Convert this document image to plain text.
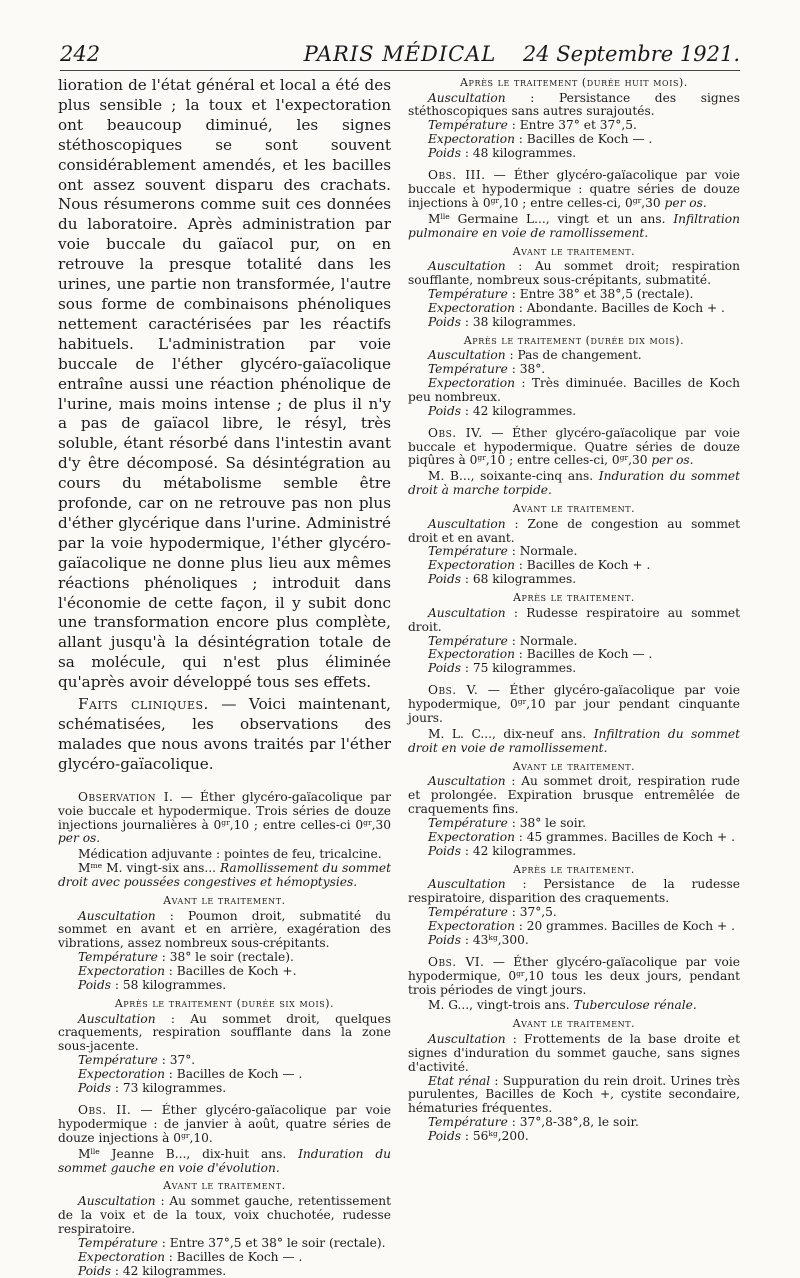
242	PARIS MÉDICAL	24 Septembre 1921.

lioration de l'état général et local a été des plus sensible ; la toux et l'expectoration ont beaucoup diminué, les signes stéthoscopiques se sont souvent considérablement amendés, et les bacilles ont assez souvent disparu des crachats. Nous résumerons comme suit ces données du laboratoire. Après administration par voie buccale du gaïacol pur, on en retrouve la presque totalité dans les urines, une partie non transformée, l'autre sous forme de combinaisons phénoliques nettement caractérisées par les réactifs habituels. L'administration par voie buccale de l'éther glycéro-gaïacolique entraîne aussi une réaction phénolique de l'urine, mais moins intense ; de plus il n'y a pas de gaïacol libre, le résyl, très soluble, étant résorbé dans l'intestin avant d'y être décomposé. Sa désintégration au cours du métabolisme semble être profonde, car on ne retrouve pas non plus d'éther glycérique dans l'urine. Administré par la voie hypodermique, l'éther glycéro-gaïacolique ne donne plus lieu aux mêmes réactions phénoliques ; introduit dans l'économie de cette façon, il y subit donc une transformation encore plus complète, allant jusqu'à la désintégration totale de sa molécule, qui n'est plus éliminée qu'après avoir développé tous ses effets.

Faits cliniques. — Voici maintenant, schématisées, les observations des malades que nous avons traités par l'éther glycéro-gaïacolique.

Observation I. — Éther glycéro-gaïacolique par voie buccale et hypodermique. Trois séries de douze injections journalières à $0^{gr},10$ ; entre celles-ci $0^{gr},30$ per os.

Médication adjuvante : pointes de feu, tricalcine.

$M^{me}$ M. vingt-six ans... Ramollissement du sommet droit avec poussées congestives et hémoptysies.

Avant le traitement.

Auscultation : Poumon droit, submatité du sommet en avant et en arrière, exagération des vibrations, assez nombreux sous-crépitants.

Température : 38° le soir (rectale).

Expectoration : Bacilles de Koch +.

Poids : 58 kilogrammes.

Après le traitement (durée six mois).

Auscultation : Au sommet droit, quelques craquements, respiration soufflante dans la zone sous-jacente.

Température : 37°.

Expectoration : Bacilles de Koch — .

Poids : 73 kilogrammes.

Obs. II. — Éther glycéro-gaïacolique par voie hypodermique : de janvier à août, quatre séries de douze injections à $0^{gr},10$.

$M^{lle}$ Jeanne B..., dix-huit ans. Induration du sommet gauche en voie d'évolution.

Avant le traitement.

Auscultation : Au sommet gauche, retentissement de la voix et de la toux, voix chuchotée, rudesse respiratoire.

Température : Entre 37°,5 et 38° le soir (rectale).

Expectoration : Bacilles de Koch — .

Poids : 42 kilogrammes.

Après le traitement (durée huit mois).

Auscultation : Persistance des signes stéthoscopiques sans autres surajoutés.

Température : Entre 37° et 37°,5.

Expectoration : Bacilles de Koch — .

Poids : 48 kilogrammes.

Obs. III. — Éther glycéro-gaïacolique par voie buccale et hypodermique : quatre séries de douze injections à $0^{gr},10$ ; entre celles-ci, $0^{gr},30$ per os.

$M^{lle}$ Germaine L..., vingt et un ans. Infiltration pulmonaire en voie de ramollissement.

Avant le traitement.

Auscultation : Au sommet droit; respiration soufflante, nombreux sous-crépitants, submatité.

Température : Entre 38° et 38°,5 (rectale).

Expectoration : Abondante. Bacilles de Koch + .

Poids : 38 kilogrammes.

Après le traitement (durée dix mois).

Auscultation : Pas de changement.

Température : 38°.

Expectoration : Très diminuée. Bacilles de Koch peu nombreux.

Poids : 42 kilogrammes.

Obs. IV. — Éther glycéro-gaïacolique par voie buccale et hypodermique. Quatre séries de douze piqûres à $0^{gr},10$ ; entre celles-ci, $0^{gr},30$ per os.

M. B..., soixante-cinq ans. Induration du sommet droit à marche torpide.

Avant le traitement.

Auscultation : Zone de congestion au sommet droit et en avant.

Température : Normale.

Expectoration : Bacilles de Koch + .

Poids : 68 kilogrammes.

Après le traitement.

Auscultation : Rudesse respiratoire au sommet droit.

Température : Normale.

Expectoration : Bacilles de Koch — .

Poids : 75 kilogrammes.

Obs. V. — Éther glycéro-gaïacolique par voie hypodermique, $0^{gr},10$ par jour pendant cinquante jours.

M. L. C..., dix-neuf ans. Infiltration du sommet droit en voie de ramollissement.

Avant le traitement.

Auscultation : Au sommet droit, respiration rude et prolongée. Expiration brusque entremêlée de craquements fins.

Température : 38° le soir.

Expectoration : 45 grammes. Bacilles de Koch + .

Poids : 42 kilogrammes.

Après le traitement.

Auscultation : Persistance de la rudesse respiratoire, disparition des craquements.

Température : 37°,5.

Expectoration : 20 grammes. Bacilles de Koch + .

Poids : $43^{kg},300$.

Obs. VI. — Éther glycéro-gaïacolique par voie hypodermique, $0^{gr},10$ tous les deux jours, pendant trois périodes de vingt jours.

M. G..., vingt-trois ans. Tuberculose rénale.

Avant le traitement.

Auscultation : Frottements de la base droite et signes d'induration du sommet gauche, sans signes d'activité.

Etat rénal : Suppuration du rein droit. Urines très purulentes, Bacilles de Koch +, cystite secondaire, hématuries fréquentes.

Température : 37°,8-38°,8, le soir.

Poids : $56^{kg},200$.
